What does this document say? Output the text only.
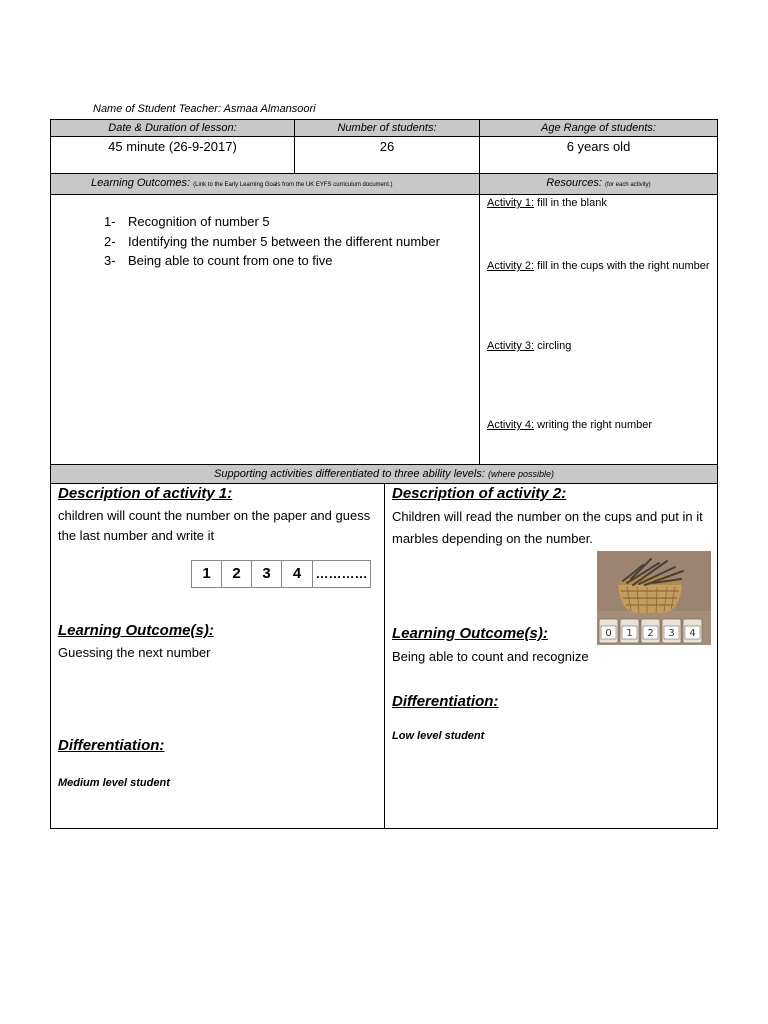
Name of Student Teacher: Asmaa Almansoori
Date & Duration of lesson:	Number of students:	Age Range of students:
45 minute (26-9-2017)	26	6 years old
Learning Outcomes: (Link to the Early Learning Goals from the UK EYFS curriculum document.)	Resources: (for each activity)
1- Recognition of number 5
2- Identifying the number 5 between the different number
3- Being able to count from one to five
Activity 1: fill in the blank
Activity 2: fill in the cups with the right number
Activity 3: circling
Activity 4: writing the right number
Supporting activities differentiated to three ability levels: (where possible)
Description of activity 1:
children will count the number on the paper and guess the last number and write it
1	2	3	4	…………
Learning Outcome(s):
Guessing the next number
Differentiation:
Medium level student
Description of activity 2:
Children will read the number on the cups and put in it marbles depending on the number.
0 1 2 3 4
Learning Outcome(s):
Being able to count and recognize
Differentiation:
Low level student
